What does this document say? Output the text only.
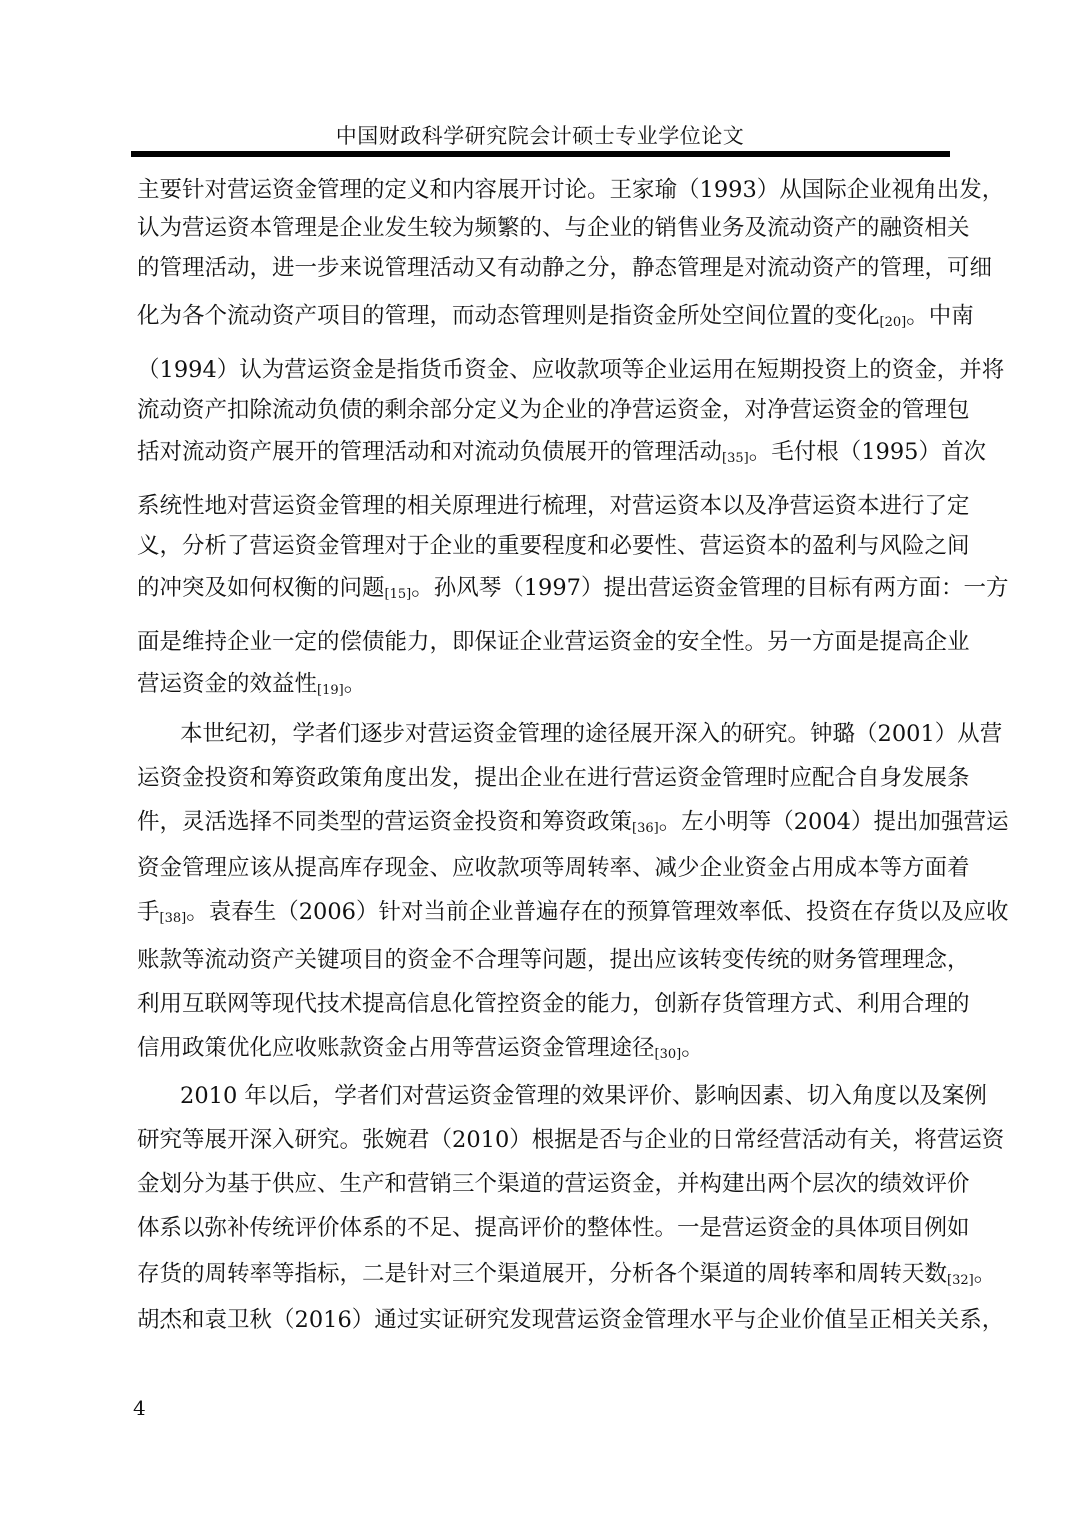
中国财政科学研究院会计硕士专业学位论文
主要针对营运资金管理的定义和内容展开讨论。王家瑜（1993）从国际企业视角出发，
认为营运资本管理是企业发生较为频繁的、与企业的销售业务及流动资产的融资相关
的管理活动，进一步来说管理活动又有动静之分，静态管理是对流动资产的管理，可细
化为各个流动资产项目的管理，而动态管理则是指资金所处空间位置的变化[20]。中南
（1994）认为营运资金是指货币资金、应收款项等企业运用在短期投资上的资金，并将
流动资产扣除流动负债的剩余部分定义为企业的净营运资金，对净营运资金的管理包
括对流动资产展开的管理活动和对流动负债展开的管理活动[35]。毛付根（1995）首次
系统性地对营运资金管理的相关原理进行梳理，对营运资本以及净营运资本进行了定
义，分析了营运资金管理对于企业的重要程度和必要性、营运资本的盈利与风险之间
的冲突及如何权衡的问题[15]。孙风琴（1997）提出营运资金管理的目标有两方面：一方
面是维持企业一定的偿债能力，即保证企业营运资金的安全性。另一方面是提高企业
营运资金的效益性[19]。
本世纪初，学者们逐步对营运资金管理的途径展开深入的研究。钟璐（2001）从营
运资金投资和筹资政策角度出发，提出企业在进行营运资金管理时应配合自身发展条
件，灵活选择不同类型的营运资金投资和筹资政策[36]。左小明等（2004）提出加强营运
资金管理应该从提高库存现金、应收款项等周转率、减少企业资金占用成本等方面着
手[38]。袁春生（2006）针对当前企业普遍存在的预算管理效率低、投资在存货以及应收
账款等流动资产关键项目的资金不合理等问题，提出应该转变传统的财务管理理念，
利用互联网等现代技术提高信息化管控资金的能力，创新存货管理方式、利用合理的
信用政策优化应收账款资金占用等营运资金管理途径[30]。
2010 年以后，学者们对营运资金管理的效果评价、影响因素、切入角度以及案例
研究等展开深入研究。张婉君（2010）根据是否与企业的日常经营活动有关，将营运资
金划分为基于供应、生产和营销三个渠道的营运资金，并构建出两个层次的绩效评价
体系以弥补传统评价体系的不足、提高评价的整体性。一是营运资金的具体项目例如
存货的周转率等指标，二是针对三个渠道展开，分析各个渠道的周转率和周转天数[32]。
胡杰和袁卫秋（2016）通过实证研究发现营运资金管理水平与企业价值呈正相关关系，
4
